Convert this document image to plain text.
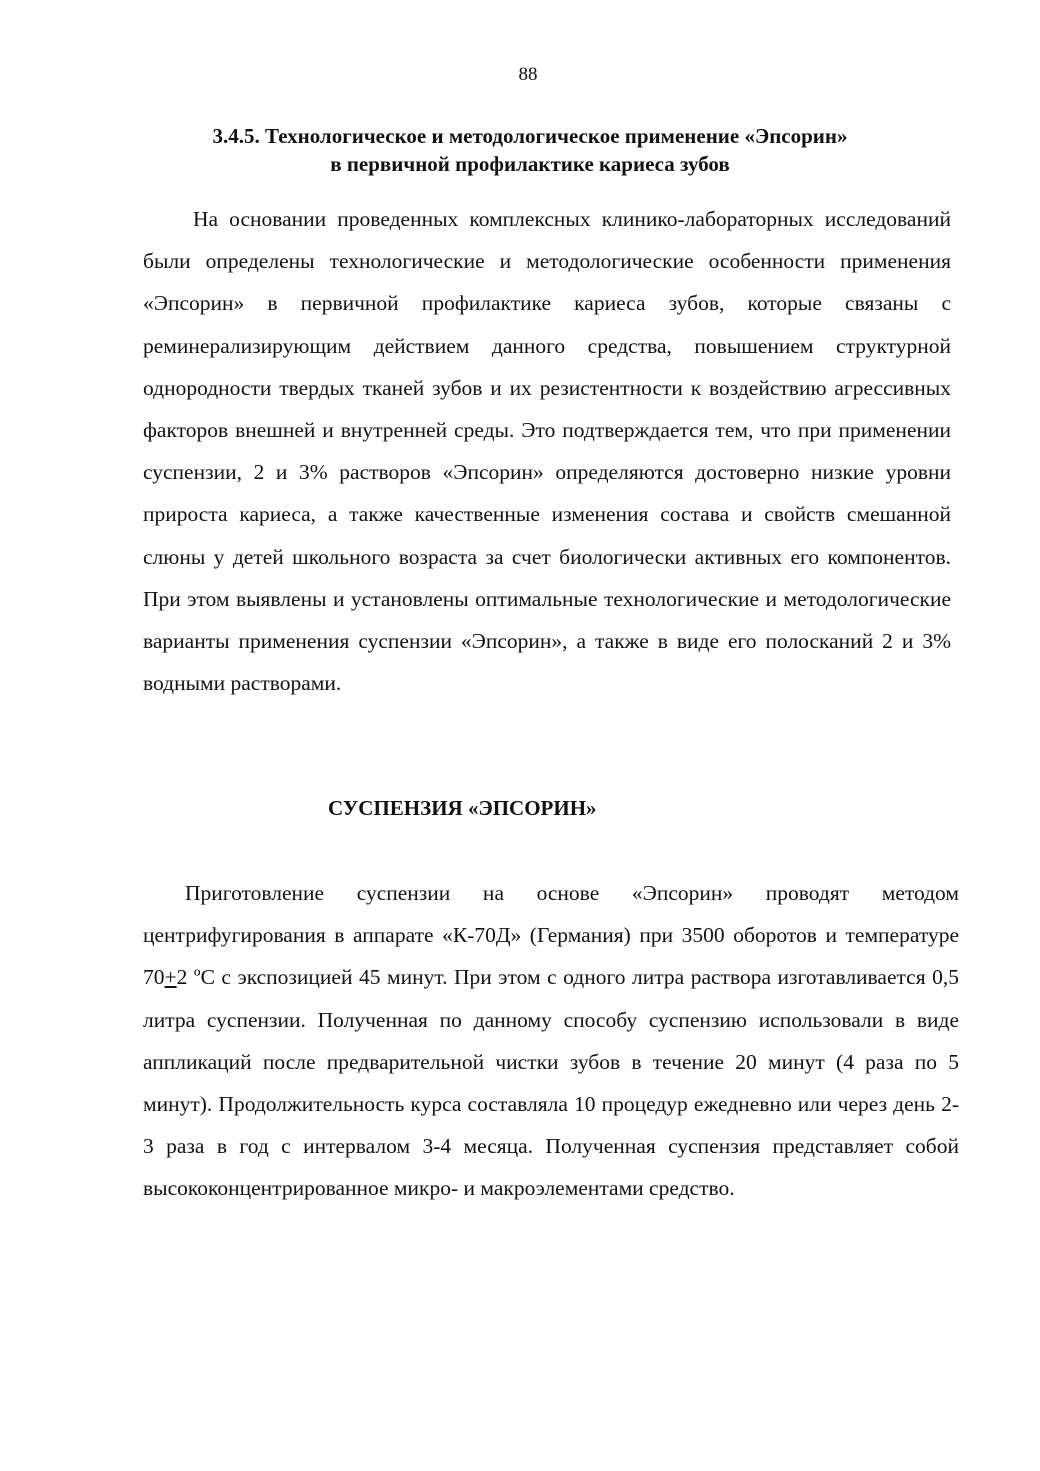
88
3.4.5. Технологическое и методологическое применение «Эпсорин»
в первичной профилактике кариеса зубов
На основании проведенных комплексных клинико-лабораторных исследований были определены технологические и методологические особенности применения «Эпсорин» в первичной профилактике кариеса зубов, которые связаны с реминерализирующим действием данного средства, повышением структурной однородности твердых тканей зубов и их резистентности к воздействию агрессивных факторов внешней и внутренней среды. Это подтверждается тем, что при применении суспензии, 2 и 3% растворов «Эпсорин» определяются достоверно низкие уровни прироста кариеса, а также качественные изменения состава и свойств смешанной слюны у детей школьного возраста за счет биологически активных его компонентов. При этом выявлены и установлены оптимальные технологические и методологические варианты применения суспензии «Эпсорин», а также в виде его полосканий 2 и 3% водными растворами.
СУСПЕНЗИЯ «ЭПСОРИН»
Приготовление суспензии на основе «Эпсорин» проводят методом центрифугирования в аппарате «К-70Д» (Германия) при 3500 оборотов и температуре 70+2 ºС с экспозицией 45 минут. При этом с одного литра раствора изготавливается 0,5 литра суспензии. Полученная по данному способу суспензию использовали в виде аппликаций после предварительной чистки зубов в течение 20 минут (4 раза по 5 минут). Продолжительность курса составляла 10 процедур ежедневно или через день 2-3 раза в год с интервалом 3-4 месяца. Полученная суспензия представляет собой высококонцентрированное микро- и макроэлементами средство.
